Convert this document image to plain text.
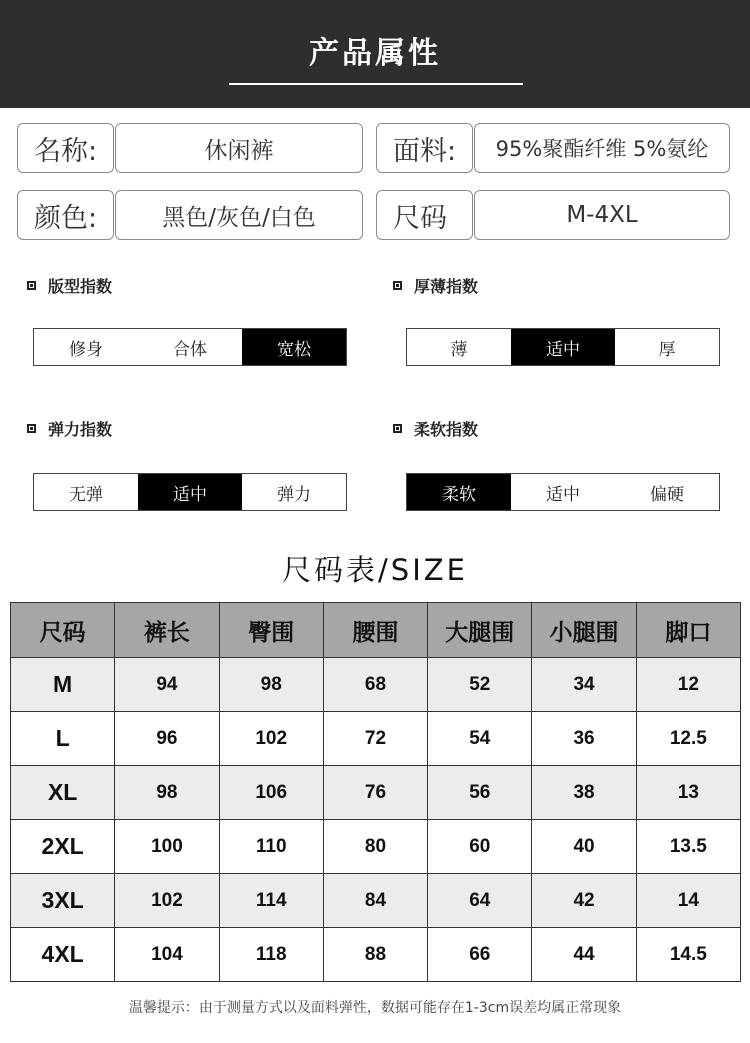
产品属性
名称:	休闲裤	面料:	95%聚酯纤维 5%氨纶
颜色:	黑色/灰色/白色	尺码	M-4XL
版型指数
修身	合体	宽松
厚薄指数
薄	适中	厚
弹力指数
无弹	适中	弹力
柔软指数
柔软	适中	偏硬
尺码表/SIZE
尺码	裤长	臀围	腰围	大腿围	小腿围	脚口
M	94	98	68	52	34	12
L	96	102	72	54	36	12.5
XL	98	106	76	56	38	13
2XL	100	110	80	60	40	13.5
3XL	102	114	84	64	42	14
4XL	104	118	88	66	44	14.5
温馨提示：由于测量方式以及面料弹性，数据可能存在1-3cm误差均属正常现象
